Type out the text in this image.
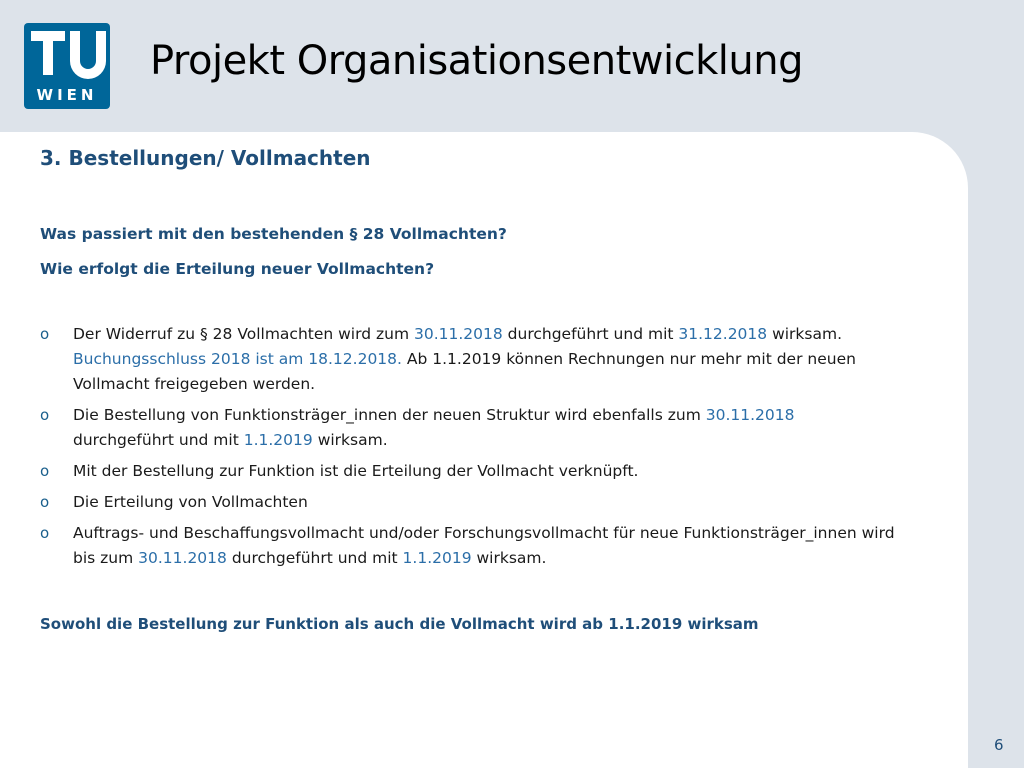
WIEN
Projekt Organisationsentwicklung
3. Bestellungen/ Vollmachten
Was passiert mit den bestehenden § 28 Vollmachten?
Wie erfolgt die Erteilung neuer Vollmachten?
o Der Widerruf zu § 28 Vollmachten wird zum 30.11.2018 durchgeführt und mit 31.12.2018 wirksam.
Buchungsschluss 2018 ist am 18.12.2018. Ab 1.1.2019 können Rechnungen nur mehr mit der neuen Vollmacht freigegeben werden.
o Die Bestellung von Funktionsträger_innen der neuen Struktur wird ebenfalls zum 30.11.2018
durchgeführt und mit 1.1.2019 wirksam.
o Mit der Bestellung zur Funktion ist die Erteilung der Vollmacht verknüpft.
o Die Erteilung von Vollmachten
o Auftrags- und Beschaffungsvollmacht und/oder Forschungsvollmacht für neue Funktionsträger_innen wird bis zum 30.11.2018 durchgeführt und mit 1.1.2019 wirksam.
Sowohl die Bestellung zur Funktion als auch die Vollmacht wird ab 1.1.2019 wirksam
6
